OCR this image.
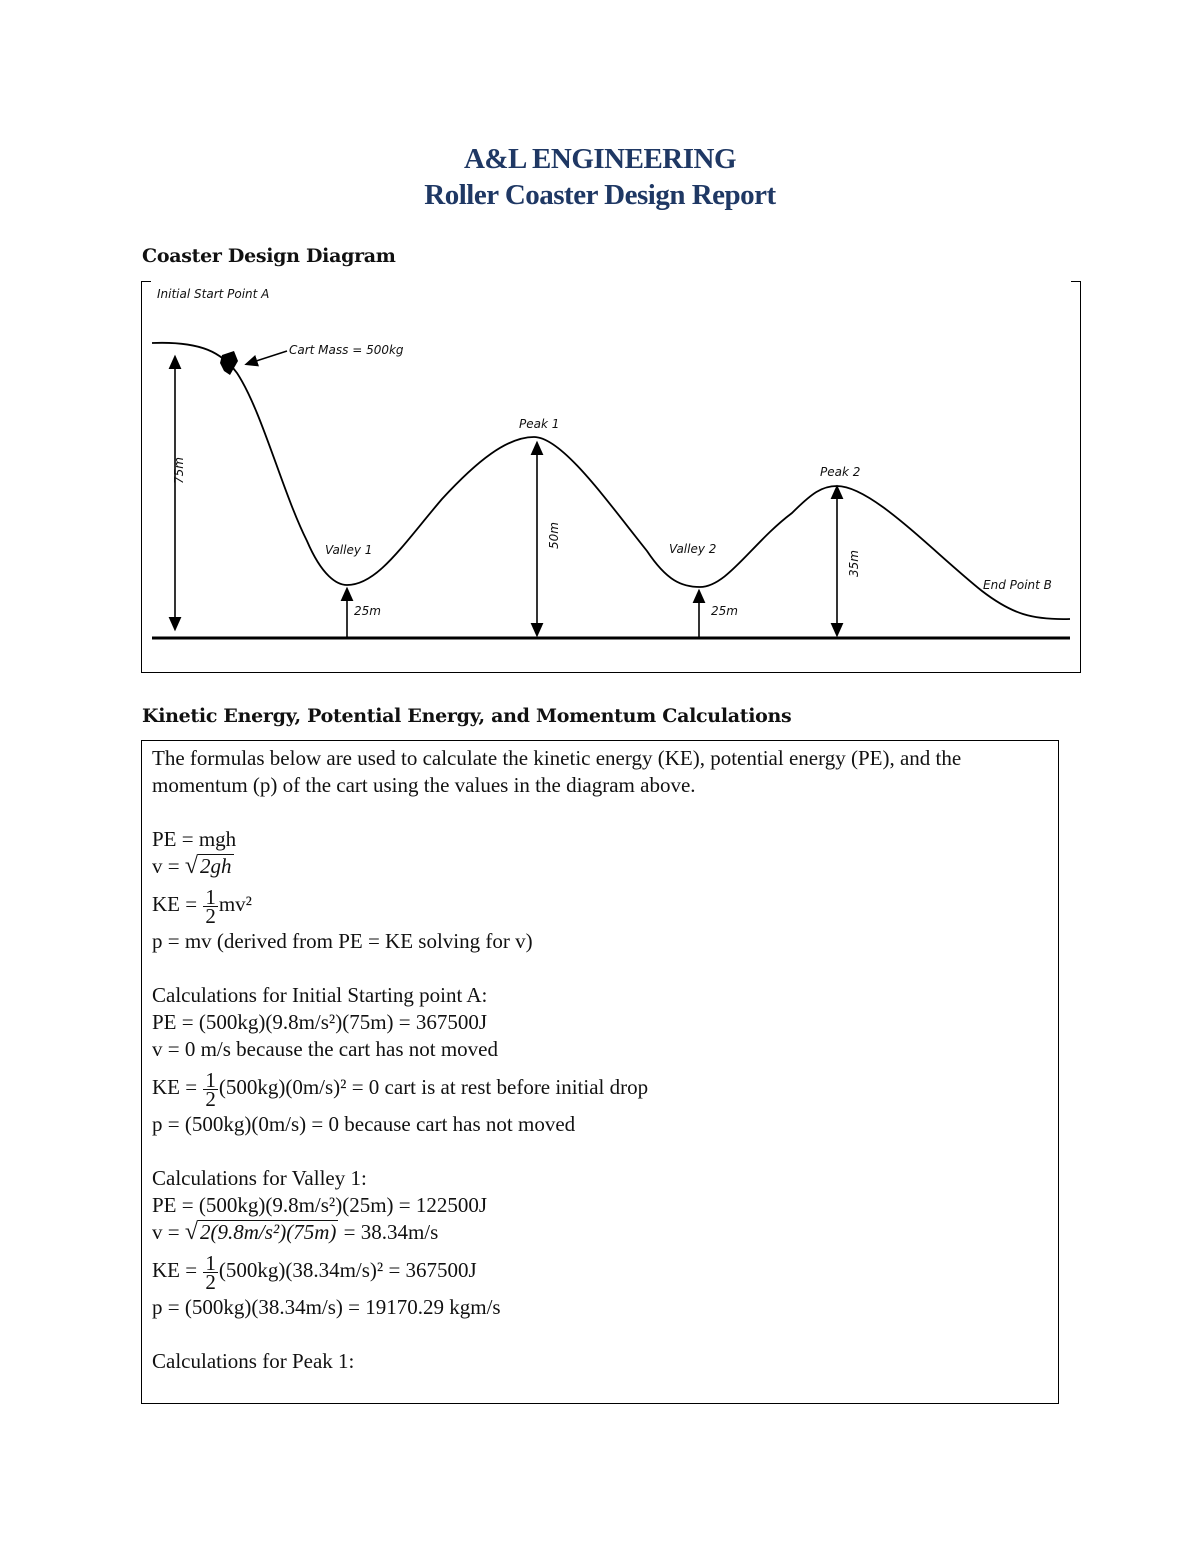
A&L ENGINEERING
Roller Coaster Design Report
Coaster Design Diagram
Initial Start Point A
Cart Mass = 500kg
Peak 1
Peak 2
Valley 1	Valley 2
End Point B
25m	25m
75m
50m
35m
Kinetic Energy, Potential Energy, and Momentum Calculations
The formulas below are used to calculate the kinetic energy (KE), potential energy (PE), and the momentum (p) of the cart using the values in the diagram above.
PE = mgh
v = √2gh
KE = $\frac{1}{2} mv^2$
p = mv (derived from PE = KE solving for v)
Calculations for Initial Starting point A:
PE = (500kg)(9.8m/s²)(75m) = 367500J
v = 0 m/s because the cart has not moved
KE = $\frac{1}{2} (500kg)(0m/s)^2 = 0$ cart is at rest before initial drop
p = (500kg)(0m/s) = 0 because cart has not moved
Calculations for Valley 1:
PE = (500kg)(9.8m/s²)(25m) = 122500J
v = √2(9.8m/s²)(75m) = 38.34m/s
KE = $\frac{1}{2} (500kg)(38.34m/s)^2 = 367500J$
p = (500kg)(38.34m/s) = 19170.29 kgm/s
Calculations for Peak 1:
